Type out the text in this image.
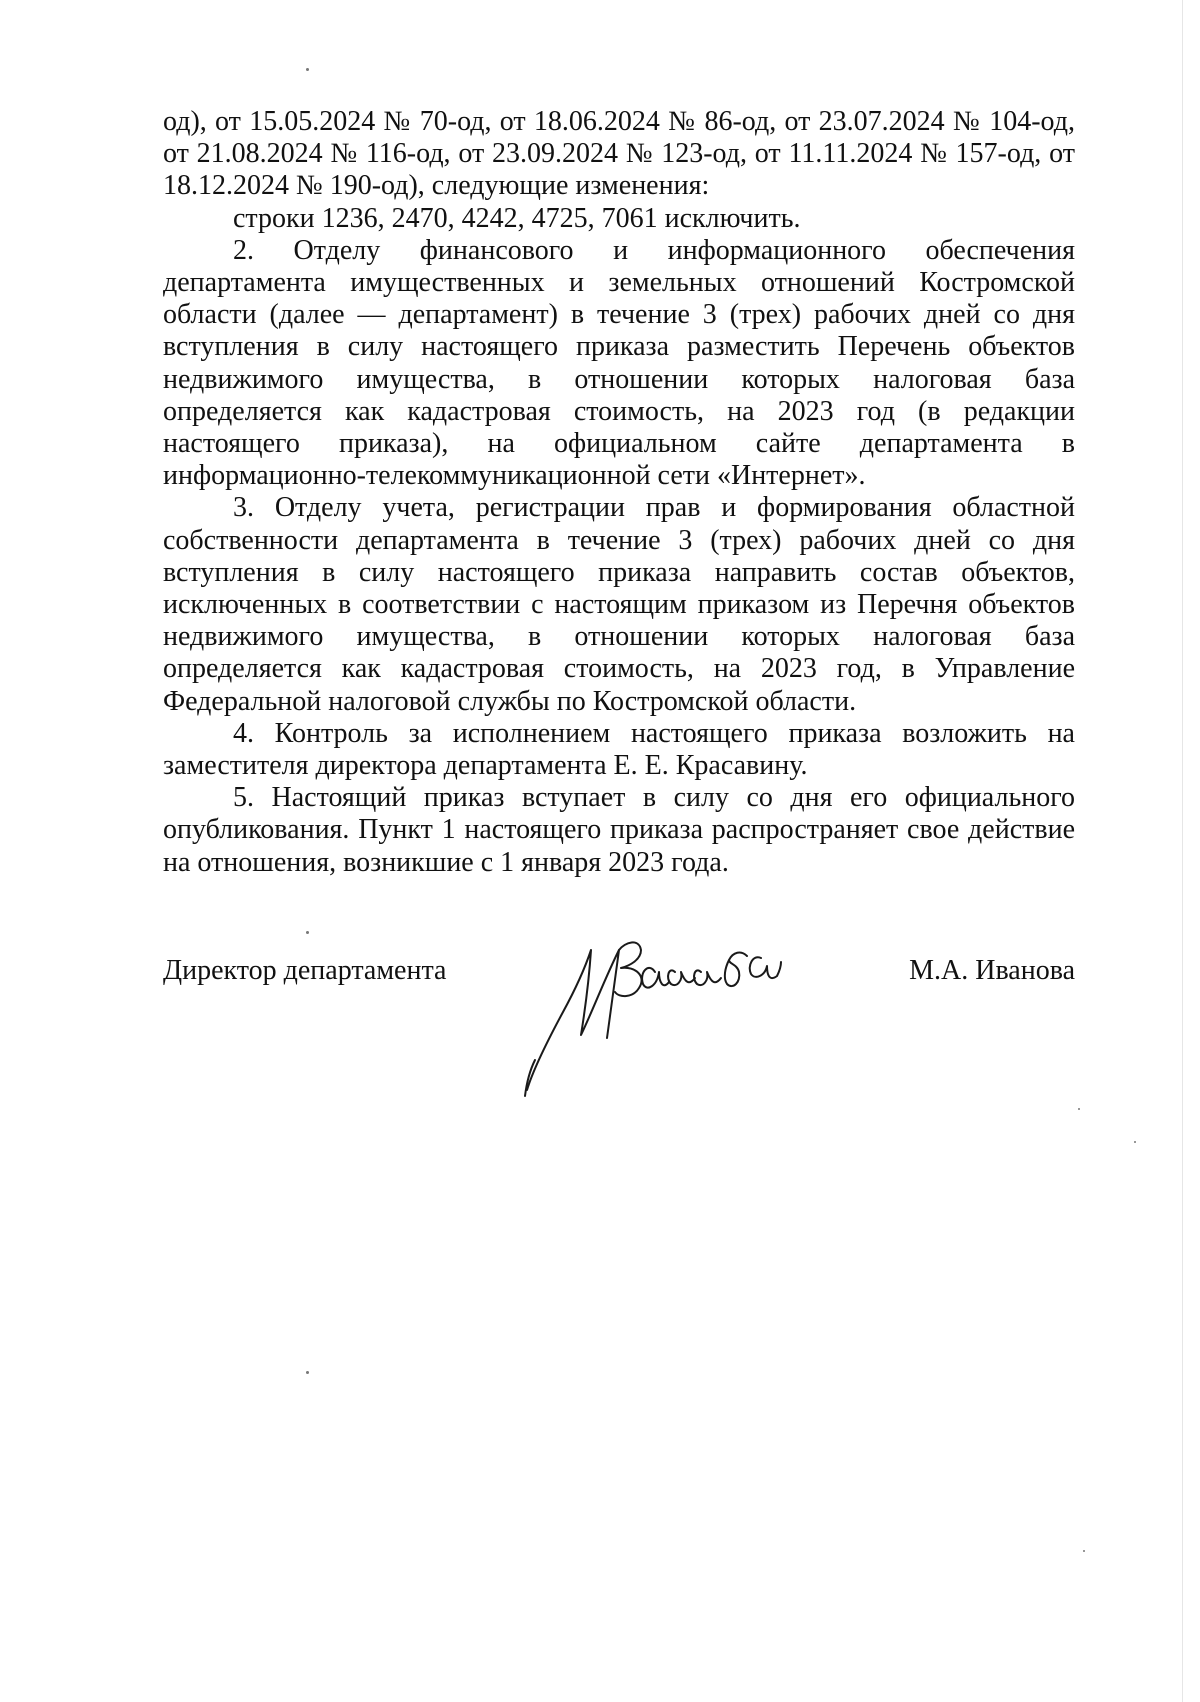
од), от 15.05.2024 № 70-од, от 18.06.2024 № 86-од, от 23.07.2024 № 104-од, от 21.08.2024 № 116-од, от 23.09.2024 № 123-од, от 11.11.2024 № 157-од, от 18.12.2024 № 190-од), следующие изменения:

строки 1236, 2470, 4242, 4725, 7061 исключить.

2. Отделу финансового и информационного обеспечения департамента имущественных и земельных отношений Костромской области (далее — департамент) в течение 3 (трех) рабочих дней со дня вступления в силу настоящего приказа разместить Перечень объектов недвижимого имущества, в отношении которых налоговая база определяется как кадастровая стоимость, на 2023 год (в редакции настоящего приказа), на официальном сайте департамента в информационно-телекоммуникационной сети «Интернет».

3. Отделу учета, регистрации прав и формирования областной собственности департамента в течение 3 (трех) рабочих дней со дня вступления в силу настоящего приказа направить состав объектов, исключенных в соответствии с настоящим приказом из Перечня объектов недвижимого имущества, в отношении которых налоговая база определяется как кадастровая стоимость, на 2023 год, в Управление Федеральной налоговой службы по Костромской области.

4. Контроль за исполнением настоящего приказа возложить на заместителя директора департамента Е. Е. Красавину.

5. Настоящий приказ вступает в силу со дня его официального опубликования. Пункт 1 настоящего приказа распространяет свое действие на отношения, возникшие с 1 января 2023 года.

Директор департамента	М.А. Иванова
